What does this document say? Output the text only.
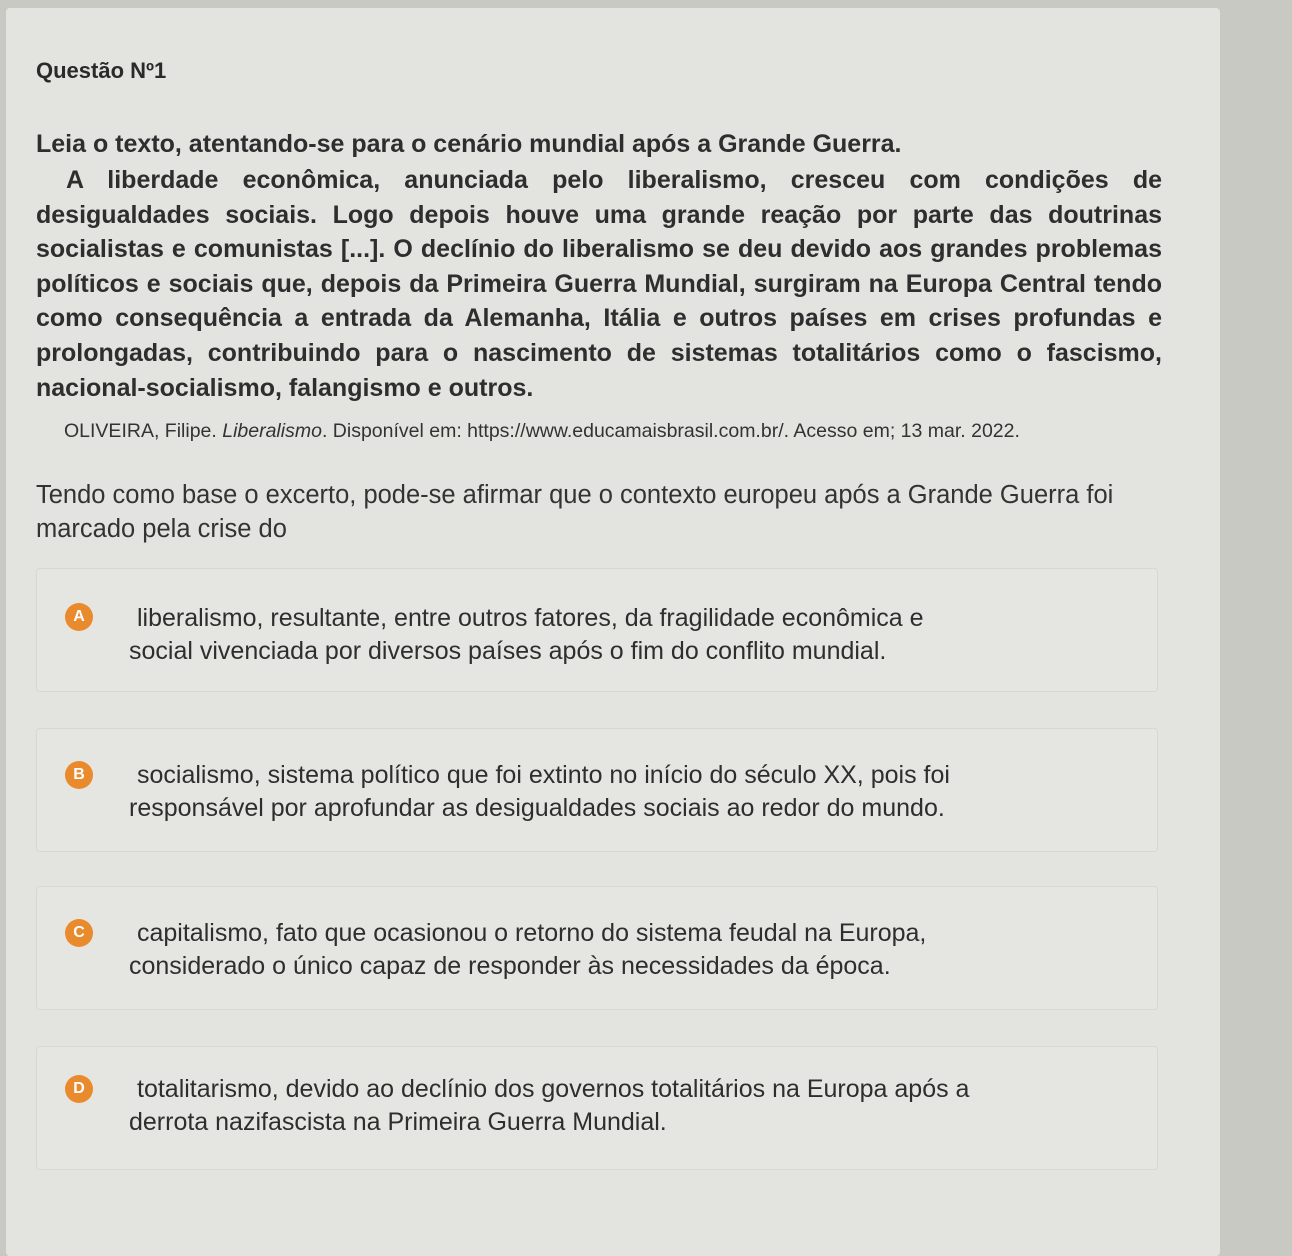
Questão Nº1

Leia o texto, atentando-se para o cenário mundial após a Grande Guerra.

A liberdade econômica, anunciada pelo liberalismo, cresceu com condições de desigualdades sociais. Logo depois houve uma grande reação por parte das doutrinas socialistas e comunistas [...]. O declínio do liberalismo se deu devido aos grandes problemas políticos e sociais que, depois da Primeira Guerra Mundial, surgiram na Europa Central tendo como consequência a entrada da Alemanha, Itália e outros países em crises profundas e prolongadas, contribuindo para o nascimento de sistemas totalitários como o fascismo, nacional-socialismo, falangismo e outros.

OLIVEIRA, Filipe. Liberalismo. Disponível em: https://www.educamaisbrasil.com.br/. Acesso em; 13 mar. 2022.

Tendo como base o excerto, pode-se afirmar que o contexto europeu após a Grande Guerra foi marcado pela crise do

A	liberalismo, resultante, entre outros fatores, da fragilidade econômica e
social vivenciada por diversos países após o fim do conflito mundial.

B	socialismo, sistema político que foi extinto no início do século XX, pois foi
responsável por aprofundar as desigualdades sociais ao redor do mundo.

C	capitalismo, fato que ocasionou o retorno do sistema feudal na Europa,
considerado o único capaz de responder às necessidades da época.

D	totalitarismo, devido ao declínio dos governos totalitários na Europa após a
derrota nazifascista na Primeira Guerra Mundial.
